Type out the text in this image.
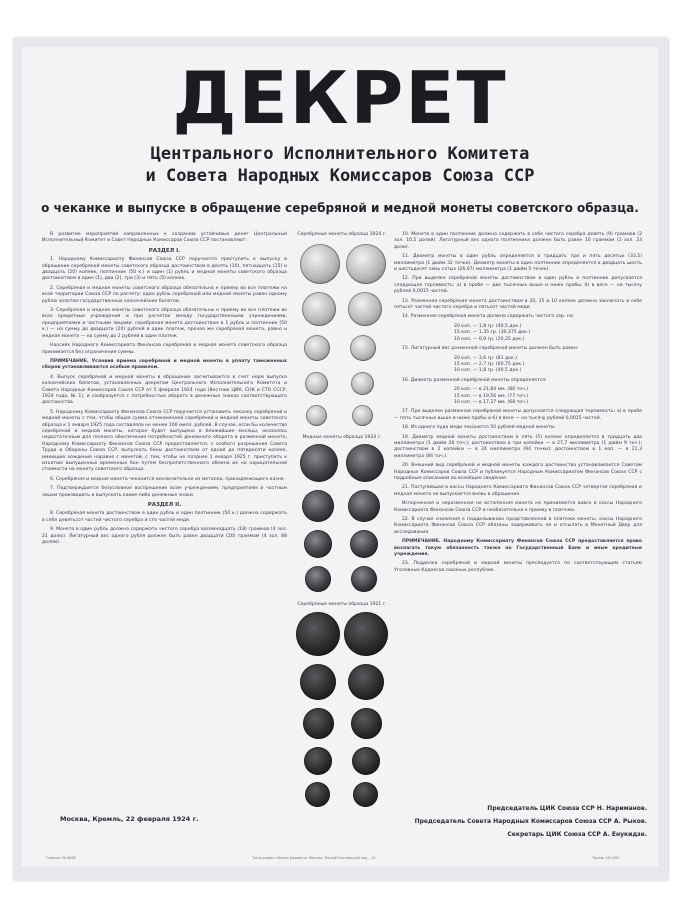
ДЕКРЕТ
Центрального Исполнительного Комитета
и Совета Народных Комиссаров Союза ССР
о чеканке и выпуске в обращение серебряной и медной монеты советского образца.

В развитие мероприятий направленных к созданию устойчивых денег Центральный Исполнительный Комитет и Совет Народных Комиссаров Союза ССР постановляют:

РАЗДЕЛ I.

1. Народному Комиссариату Финансов Союза ССР поручается приступить к выпуску в обращение серебряной монеты советского образца достоинством в десять (10), пятнадцать (15) и двадцать (20) копеек, полтинник (50 к.) и один (1) рубль и медной монеты советского образца достоинством в один (1), два (2), три (3) и пять (5) копеек.

2. Серебряная и медная монеты советского образца обязательна к приему во все платежи на всей территории Союза ССР по расчету: один рубль серебряной или медной монеты равен одному рублю золотом государственных казначейских билетов.

3. Серебряная и медная монеты советского образца обязательны к приему во все платежи во всех кредитные учреждения и при расчетах между государственными учреждениями, предприятиями и частными лицами: серебряная монета достоинством в 1 рубль и полтинник (50 к.) — на сумму до двадцати (20) рублей в один платеж, прочая же серебряная монета, равно и медная монета — на сумму до 2 рублей в один платеж.

Наосиях Народного Комиссариата Финансов серебряная и медная монета советского образца принимается без ограничения суммы.

ПРИМЕЧАНИЕ. Условия приема серебряной и медной монеты в уплату таможенных сборов устанавливаются особым правилом.

4. Выпуск серебряной и медной монеты в обращение засчитывается в счет норм выпуска казначейских билетов, установленных декретом Центрального Исполнительного Комитета и Совета Народных Комиссаров Союза ССР от 5 февраля 1924 года (Вестник ЦИК, СНК и СТО СССР, 1924 года, № 1), и сообразуется с потребностью оборота в денежных знаках соответствующего достоинства.

5. Народному Комиссариату Финансов Союза ССР поручается установить чеканку серебряной и медной монеты с тем, чтобы общая сумма отчеканенной серебряной и медной монеты советского образца к 1 января 1925 года составляла не менее 100 милл. рублей. В случае, если бы количество серебряной и медной монеты, которое будет выпущено в ближайшие месяцы, оказалось недостаточным для полного обеспечения потребностей денежного оборота в разменной монете, Народному Комиссариату Финансов Союза ССР предоставляется, с особого разрешения Совета Труда и Обороны Союза ССР, выпускать боны достоинством от одной до пятидесяти копеек, имеющие хождение наравне с монетой, с тем, чтобы не позднее 1 января 1925 г. приступить к изъятию выпущенных временных бон путем беспрепятственного обмена их на нарицательной стоимости на монету советского образца.

6. Серебряная и медная монета чеканится исключительно из металла, принадлежащего казне.

7. Подтверждается безусловное воспрещение всем учреждениям, предприятиям и частным лицам производить и выпускать какие-либо денежные знаки.

РАЗДЕЛ II.

8. Серебряная монета достоинством в один рубль и один полтинник (50 к.) должна содержать в себе девятьсот частей чистого серебра и сто частей меди.

9. Монета в один рубль должна содержать чистого серебра восемнадцать (18) граммов (4 зол. 21 долю). Лигатурный вес одного рубля должен быть равен двадцати (20) граммам (4 зол. 88 долям).

Серебряные монеты образца 1924 г.
Медные монеты образца 1924 г.
Серебряные монеты образца 1921 г.

10. Монета в один полтинник должна содержать в себе чистого серебра девять (9) граммов (2 зол. 10,5 долей). Лигатурный вес одного полтинника должен быть равен 10 граммам (2 зол. 33 доли).

11. Диаметр монеты в один рубль определяется в тридцать три и пять десятых (33,5) миллиметра (1 дюйм 32 точки). Диаметр монеты в один полтинник определяется в двадцать шесть и шестьдесят семь сотых (26,67) миллиметра (1 дюйм 5 точек).

12. При выделке серебряной монеты достоинством в один рубль и полтинник допускается следующая терпимость: а) в пробе — две тысячных выше и ниже пробы, б) в весе — на тысячу рублей 0,0015 частей.

13. Разменная серебряная монета достоинством в 20, 15 и 10 копеек должна заключать в себе пятьсот частей чистого серебра и пятьсот частей меди.

14. Разменная серебряная монета должна содержать чистого сер. на:

20 коп. — 1,8 гр. (40,5 док.)
15 коп. — 1,35 гр. (30,375 док.)
10 коп. — 0,9 гр. (20,25 док.)

15. Лигатурный вес разменной серебряной монеты должен быть равен:

20 коп. — 3,6 гр. (81 док.)
15 коп. — 2,7 гр. (60,75 док.)
10 коп. — 1,8 гр. (40,5 док.)

16. Диаметр разменной серебряной монеты определяется:

20 коп. — в 21,84 мм. (86 точ.)
15 коп. — в 19,56 мм. (77 точ.)
10 коп. — в 17,27 мм. (68 точ.)

17. При выделке разменной серебряной монеты допускается следующая терпимость: а) в пробе — пять тысячных выше и ниже пробы и б) в весе — на тысячу рублей 0,0015 частей.

18. Из одного пуда меди чеканится 50 рублей медной монеты.

19. Диаметр медной монеты достоинством в пять (5) копеек определяется в тридцать два миллиметра (1 дюйм 26 точ.); достоинством в три копейки — в 27,7 миллиметра (1 дюйм 9 точ.); достоинством в 2 копейки — в 24 миллиметра (94 точки); достоинством в 1 коп. — в 21,3 миллиметра (84 точ.).

20. Внешний вид серебряной и медной монеты каждого достоинства устанавливается Советом Народных Комиссаров Союза ССР и публикуется Народным Комиссариатом Финансов Союза ССР с подробным описанием во всеобщее сведение.

21. Поступившая в кассы Народного Комиссариата Финансов Союза ССР четвертая серебряная и медная монета не выпускается вновь в обращение.

Испорченная и неразменная не истопенная монета не принимается вовсе в кассы Народного Комиссариата Финансов Союза ССР и необязательна к приему в платежи.

22. В случае снижения к подделыванию представленной в платежи монеты, кассы Народного Комиссариата Финансов Союза ССР обязаны задерживать ее и отсылать в Монетный Двор для исследования.

ПРИМЕЧАНИЕ. Народному Комиссариату Финансов Союза ССР предоставляется право возлагать такую обязанность также на Государственный Банк и иные кредитные учреждения.

23. Подделка серебряной и медной монеты преследуется по соответствующим статьям Уголовных Кодексов союзных республик.

Председатель ЦИК Союза ССР Н. Нариманов.
Председатель Совета Народных Комиссаров Союза ССР А. Рыков.
Секретарь ЦИК Союза ССР А. Енукидзе.
Москва, Кремль, 22 февраля 1924 г.
Главлит № 9660	Типография «Новая Деревня» Москва, Малый Кисловский пер., 14	Тираж 140.000
